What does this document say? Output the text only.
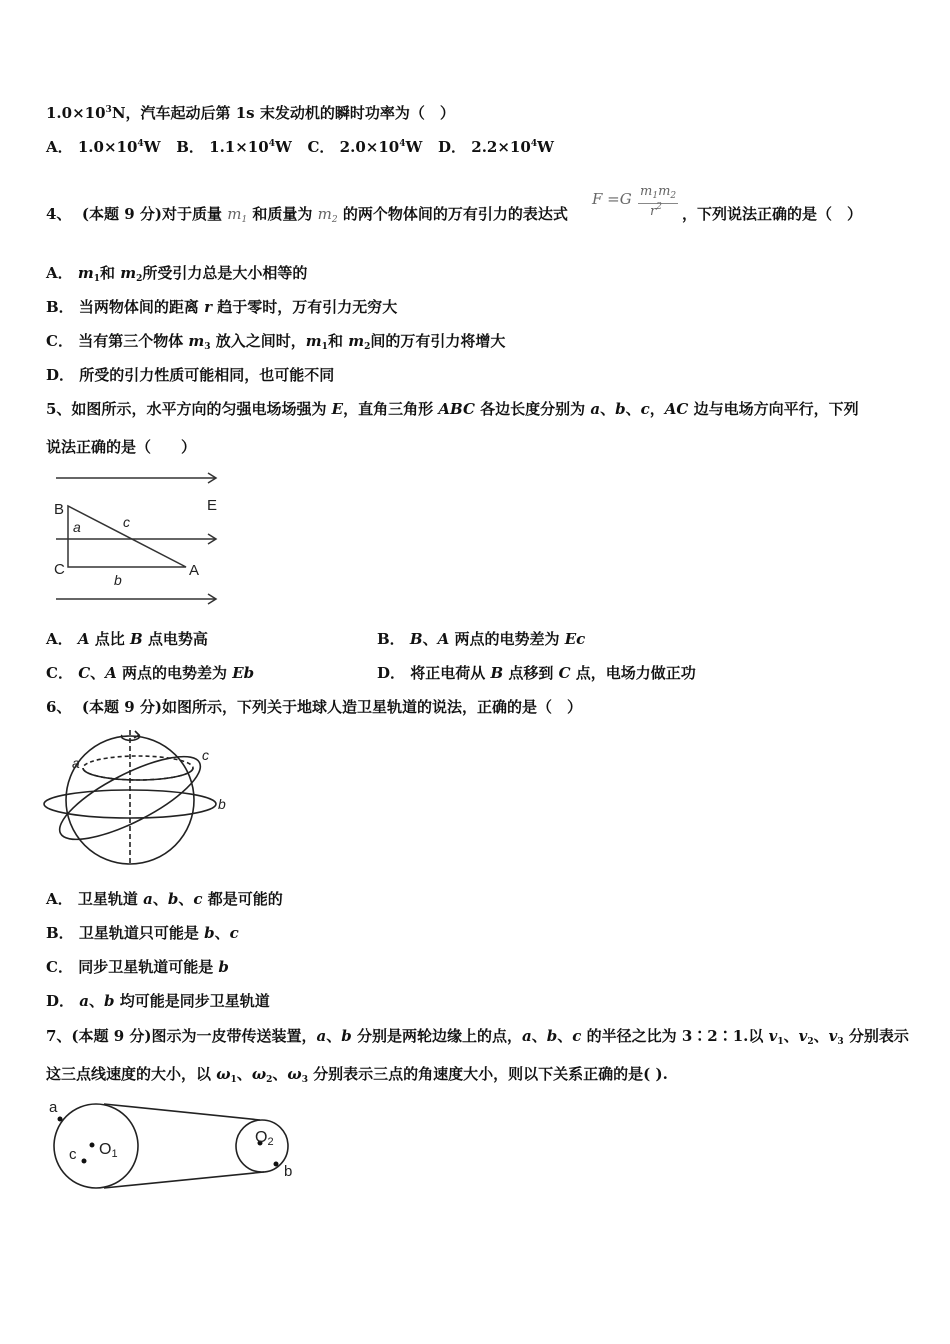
$1.0\times 10^3N$，汽车起动后第 1s 末发动机的瞬时功率为（　）
A． $1.0\times 10^4W$ B． $1.1\times 10^4W$ C． $2.0\times 10^4W$ D． $2.2\times 10^4W$
4、 (本题 9 分)对于质量 $m_1$ 和质量为 $m_2$ 的两个物体间的万有引力的表达式
F =G $m_1m_2$
$r^2$ ，下列说法正确的是（　）
A． $m_1$和 $m_2$所受引力总是大小相等的
B． 当两物体间的距离 r 趋于零时，万有引力无穷大
C． 当有第三个物体 $m_3$ 放入之间时，$m_1$和 $m_2$间的万有引力将增大
D． 所受的引力性质可能相同，也可能不同
5、如图所示，水平方向的匀强电场场强为 E，直角三角形 ABC 各边长度分别为 a、b、c，AC 边与电场方向平行，下列
说法正确的是（　　）
B
C	A
E
a
b
c
A． A 点比 B 点电势高	B． B、A 两点的电势差为 Ec
C． C、A 两点的电势差为 Eb	D． 将正电荷从 B 点移到 C 点，电场力做正功
6、 (本题 9 分)如图所示，下列关于地球人造卫星轨道的说法，正确的是（　）
a
b
c
A． 卫星轨道 a、b、c 都是可能的
B． 卫星轨道只可能是 b、c
C． 同步卫星轨道可能是 b
D． a、b 均可能是同步卫星轨道
7、(本题 9 分)图示为一皮带传送装置，a、b 分别是两轮边缘上的点，a、b、c 的半径之比为 3∶2∶1.以 $v_1$、$v_2$、$v_3$ 分别表示
这三点线速度的大小，以 $\omega_1$、$\omega_2$、$\omega_3$ 分别表示三点的角速度大小，则以下关系正确的是( ).
a
c O1
O2
b
